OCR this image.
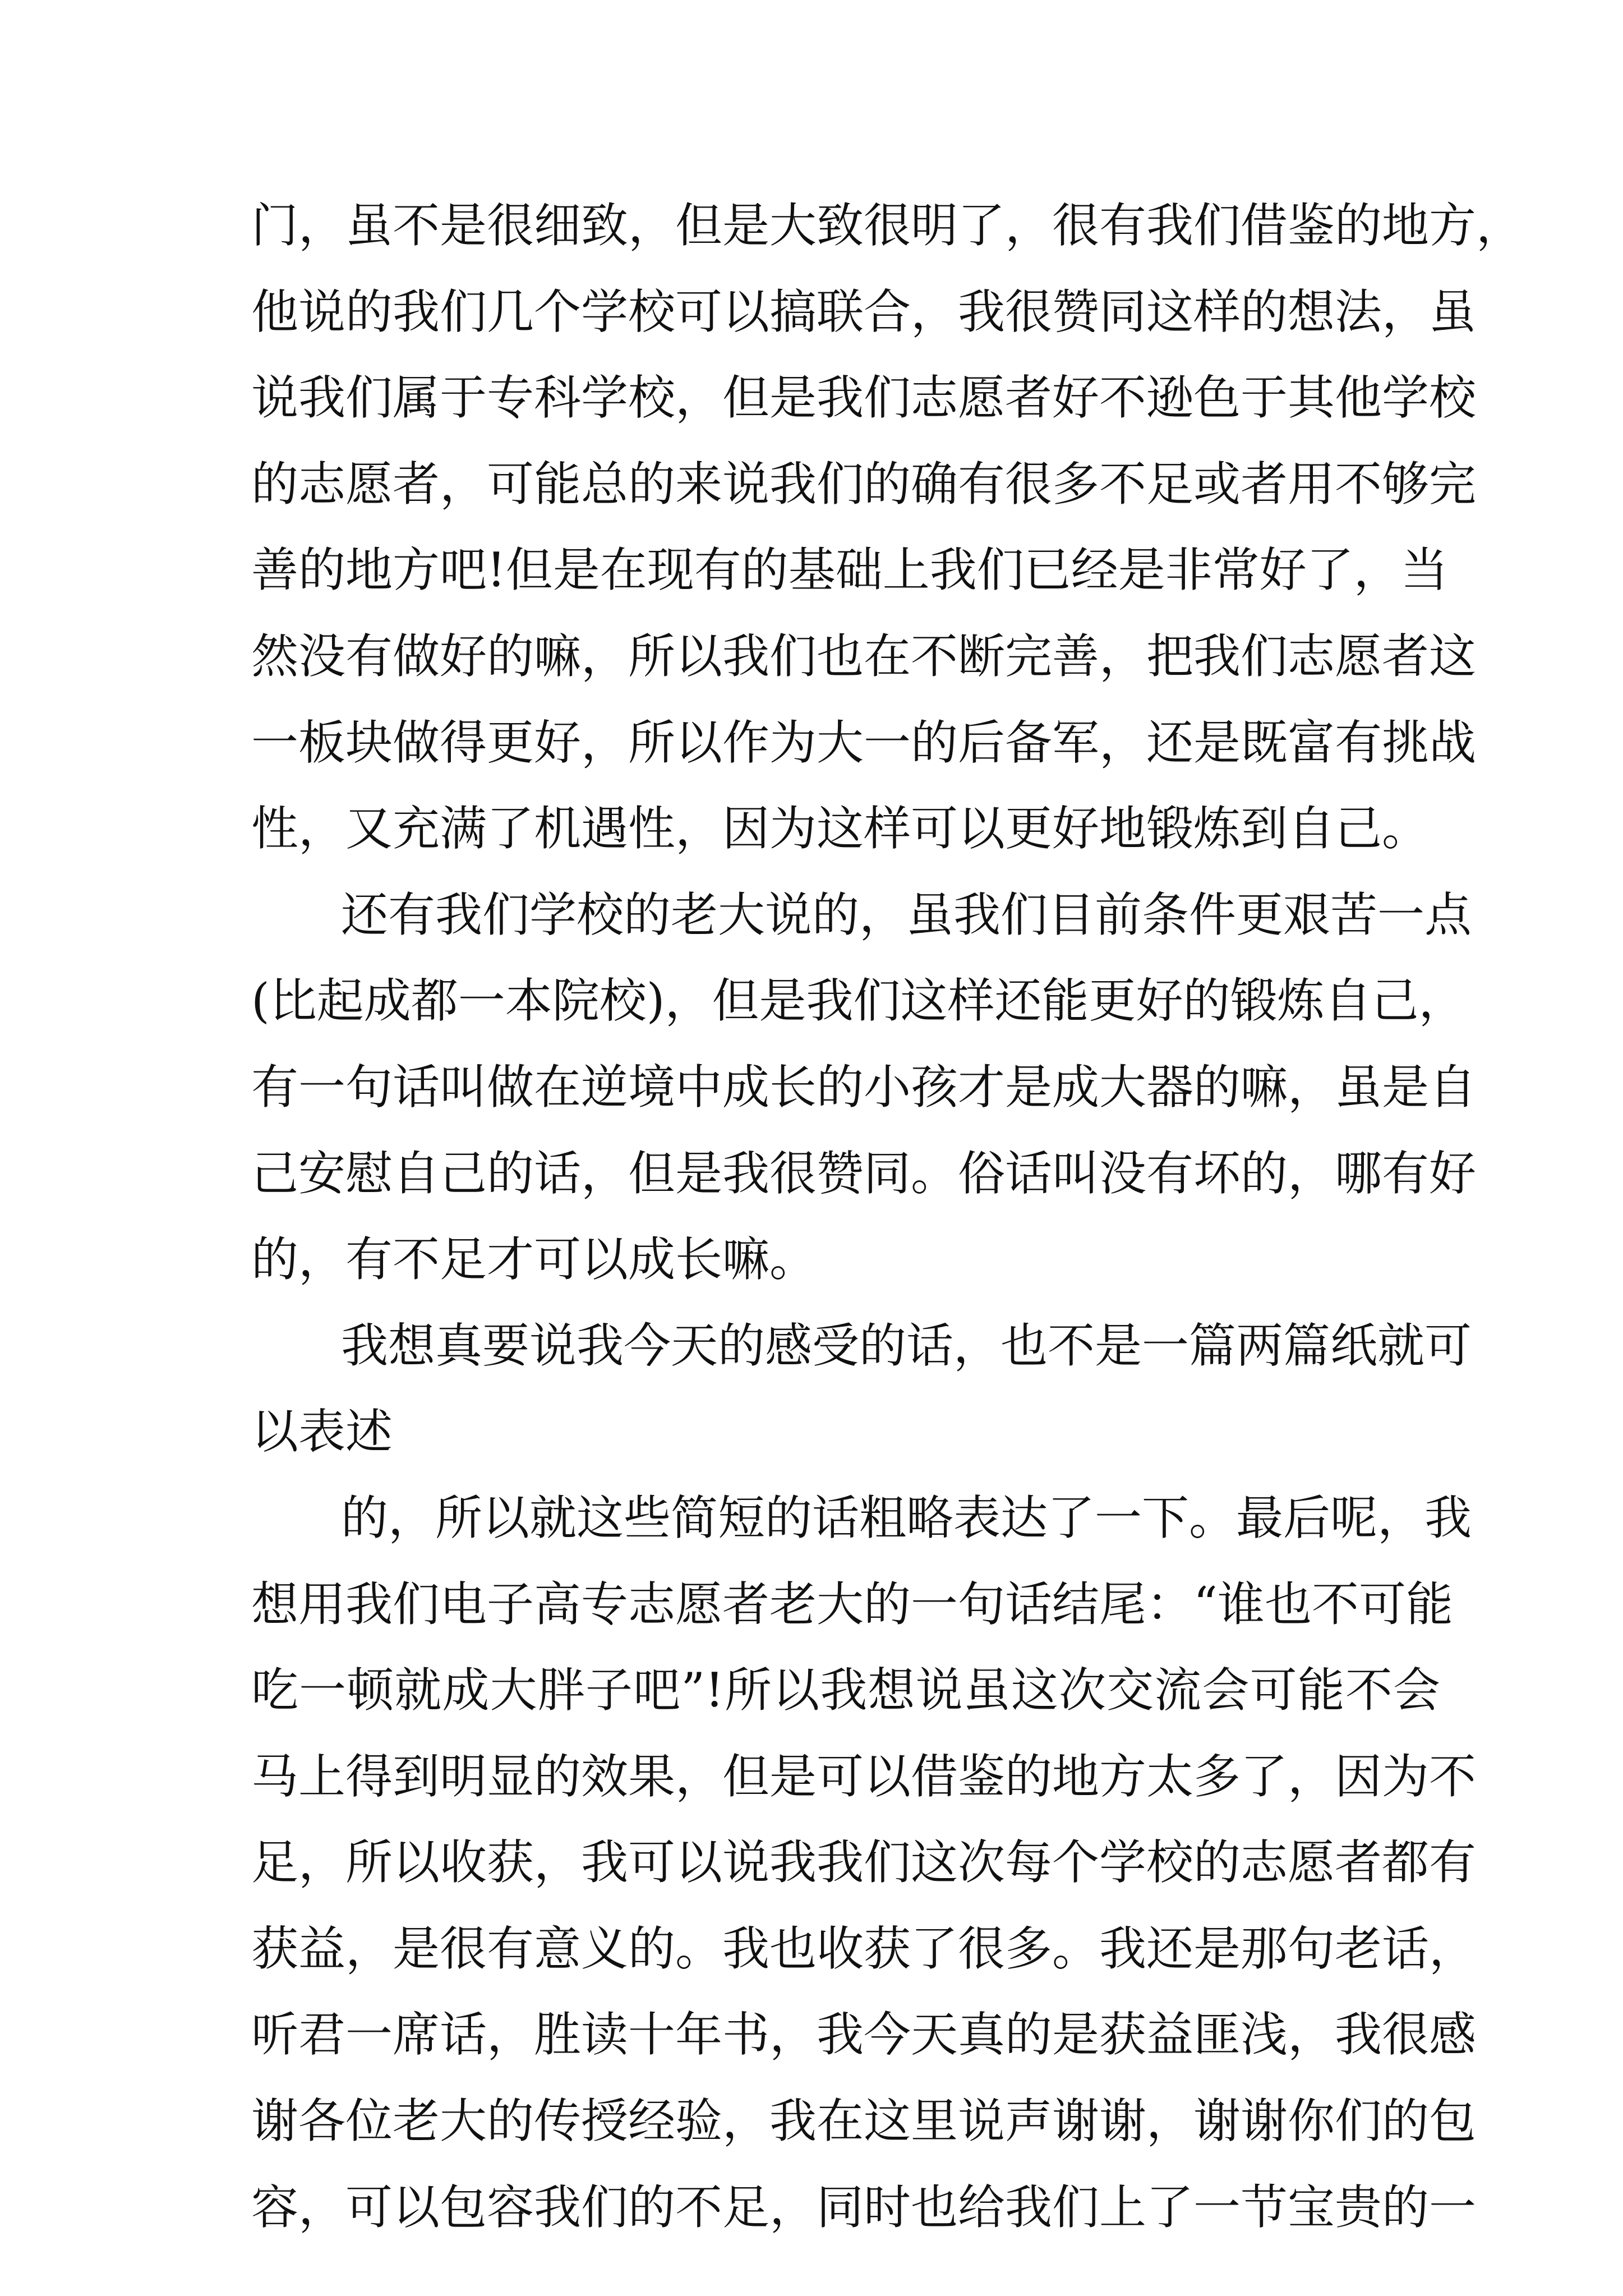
门，虽不是很细致，但是大致很明了，很有我们借鉴的地方，
他说的我们几个学校可以搞联合，我很赞同这样的想法，虽
说我们属于专科学校，但是我们志愿者好不逊色于其他学校
的志愿者，可能总的来说我们的确有很多不足或者用不够完
善的地方吧!但是在现有的基础上我们已经是非常好了，当
然没有做好的嘛，所以我们也在不断完善，把我们志愿者这
一板块做得更好，所以作为大一的后备军，还是既富有挑战
性，又充满了机遇性，因为这样可以更好地锻炼到自己。
还有我们学校的老大说的，虽我们目前条件更艰苦一点
(比起成都一本院校)，但是我们这样还能更好的锻炼自己，
有一句话叫做在逆境中成长的小孩才是成大器的嘛，虽是自
己安慰自己的话，但是我很赞同。俗话叫没有坏的，哪有好
的，有不足才可以成长嘛。
我想真要说我今天的感受的话，也不是一篇两篇纸就可
以表述
的，所以就这些简短的话粗略表达了一下。最后呢，我
想用我们电子高专志愿者老大的一句话结尾：“谁也不可能
吃一顿就成大胖子吧”!所以我想说虽这次交流会可能不会
马上得到明显的效果，但是可以借鉴的地方太多了，因为不
足，所以收获，我可以说我我们这次每个学校的志愿者都有
获益，是很有意义的。我也收获了很多。我还是那句老话，
听君一席话，胜读十年书，我今天真的是获益匪浅，我很感
谢各位老大的传授经验，我在这里说声谢谢，谢谢你们的包
容，可以包容我们的不足，同时也给我们上了一节宝贵的一
